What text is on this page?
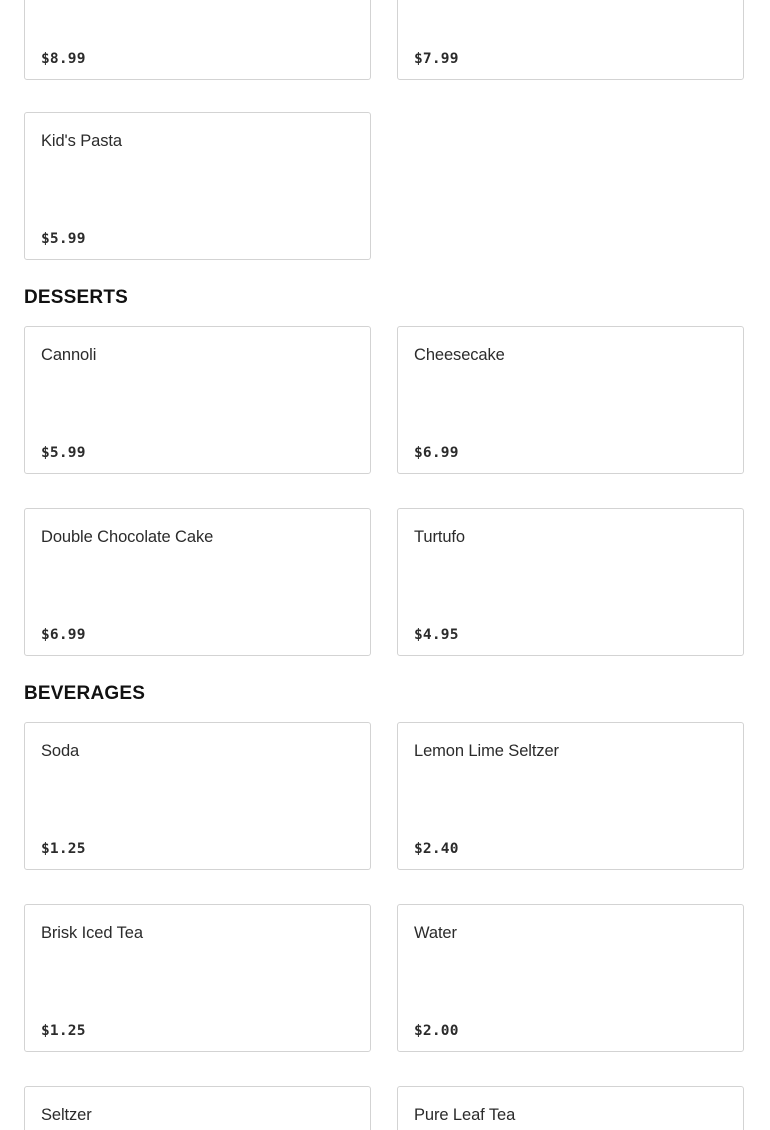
$8.99	$7.99
Kid's Pasta
$5.99
DESSERTS
Cannoli
$5.99
Cheesecake
$6.99
Double Chocolate Cake
$6.99
Turtufo
$4.95
BEVERAGES
Soda
$1.25
Lemon Lime Seltzer
$2.40
Brisk Iced Tea
$1.25
Water
$2.00
Seltzer	Pure Leaf Tea
